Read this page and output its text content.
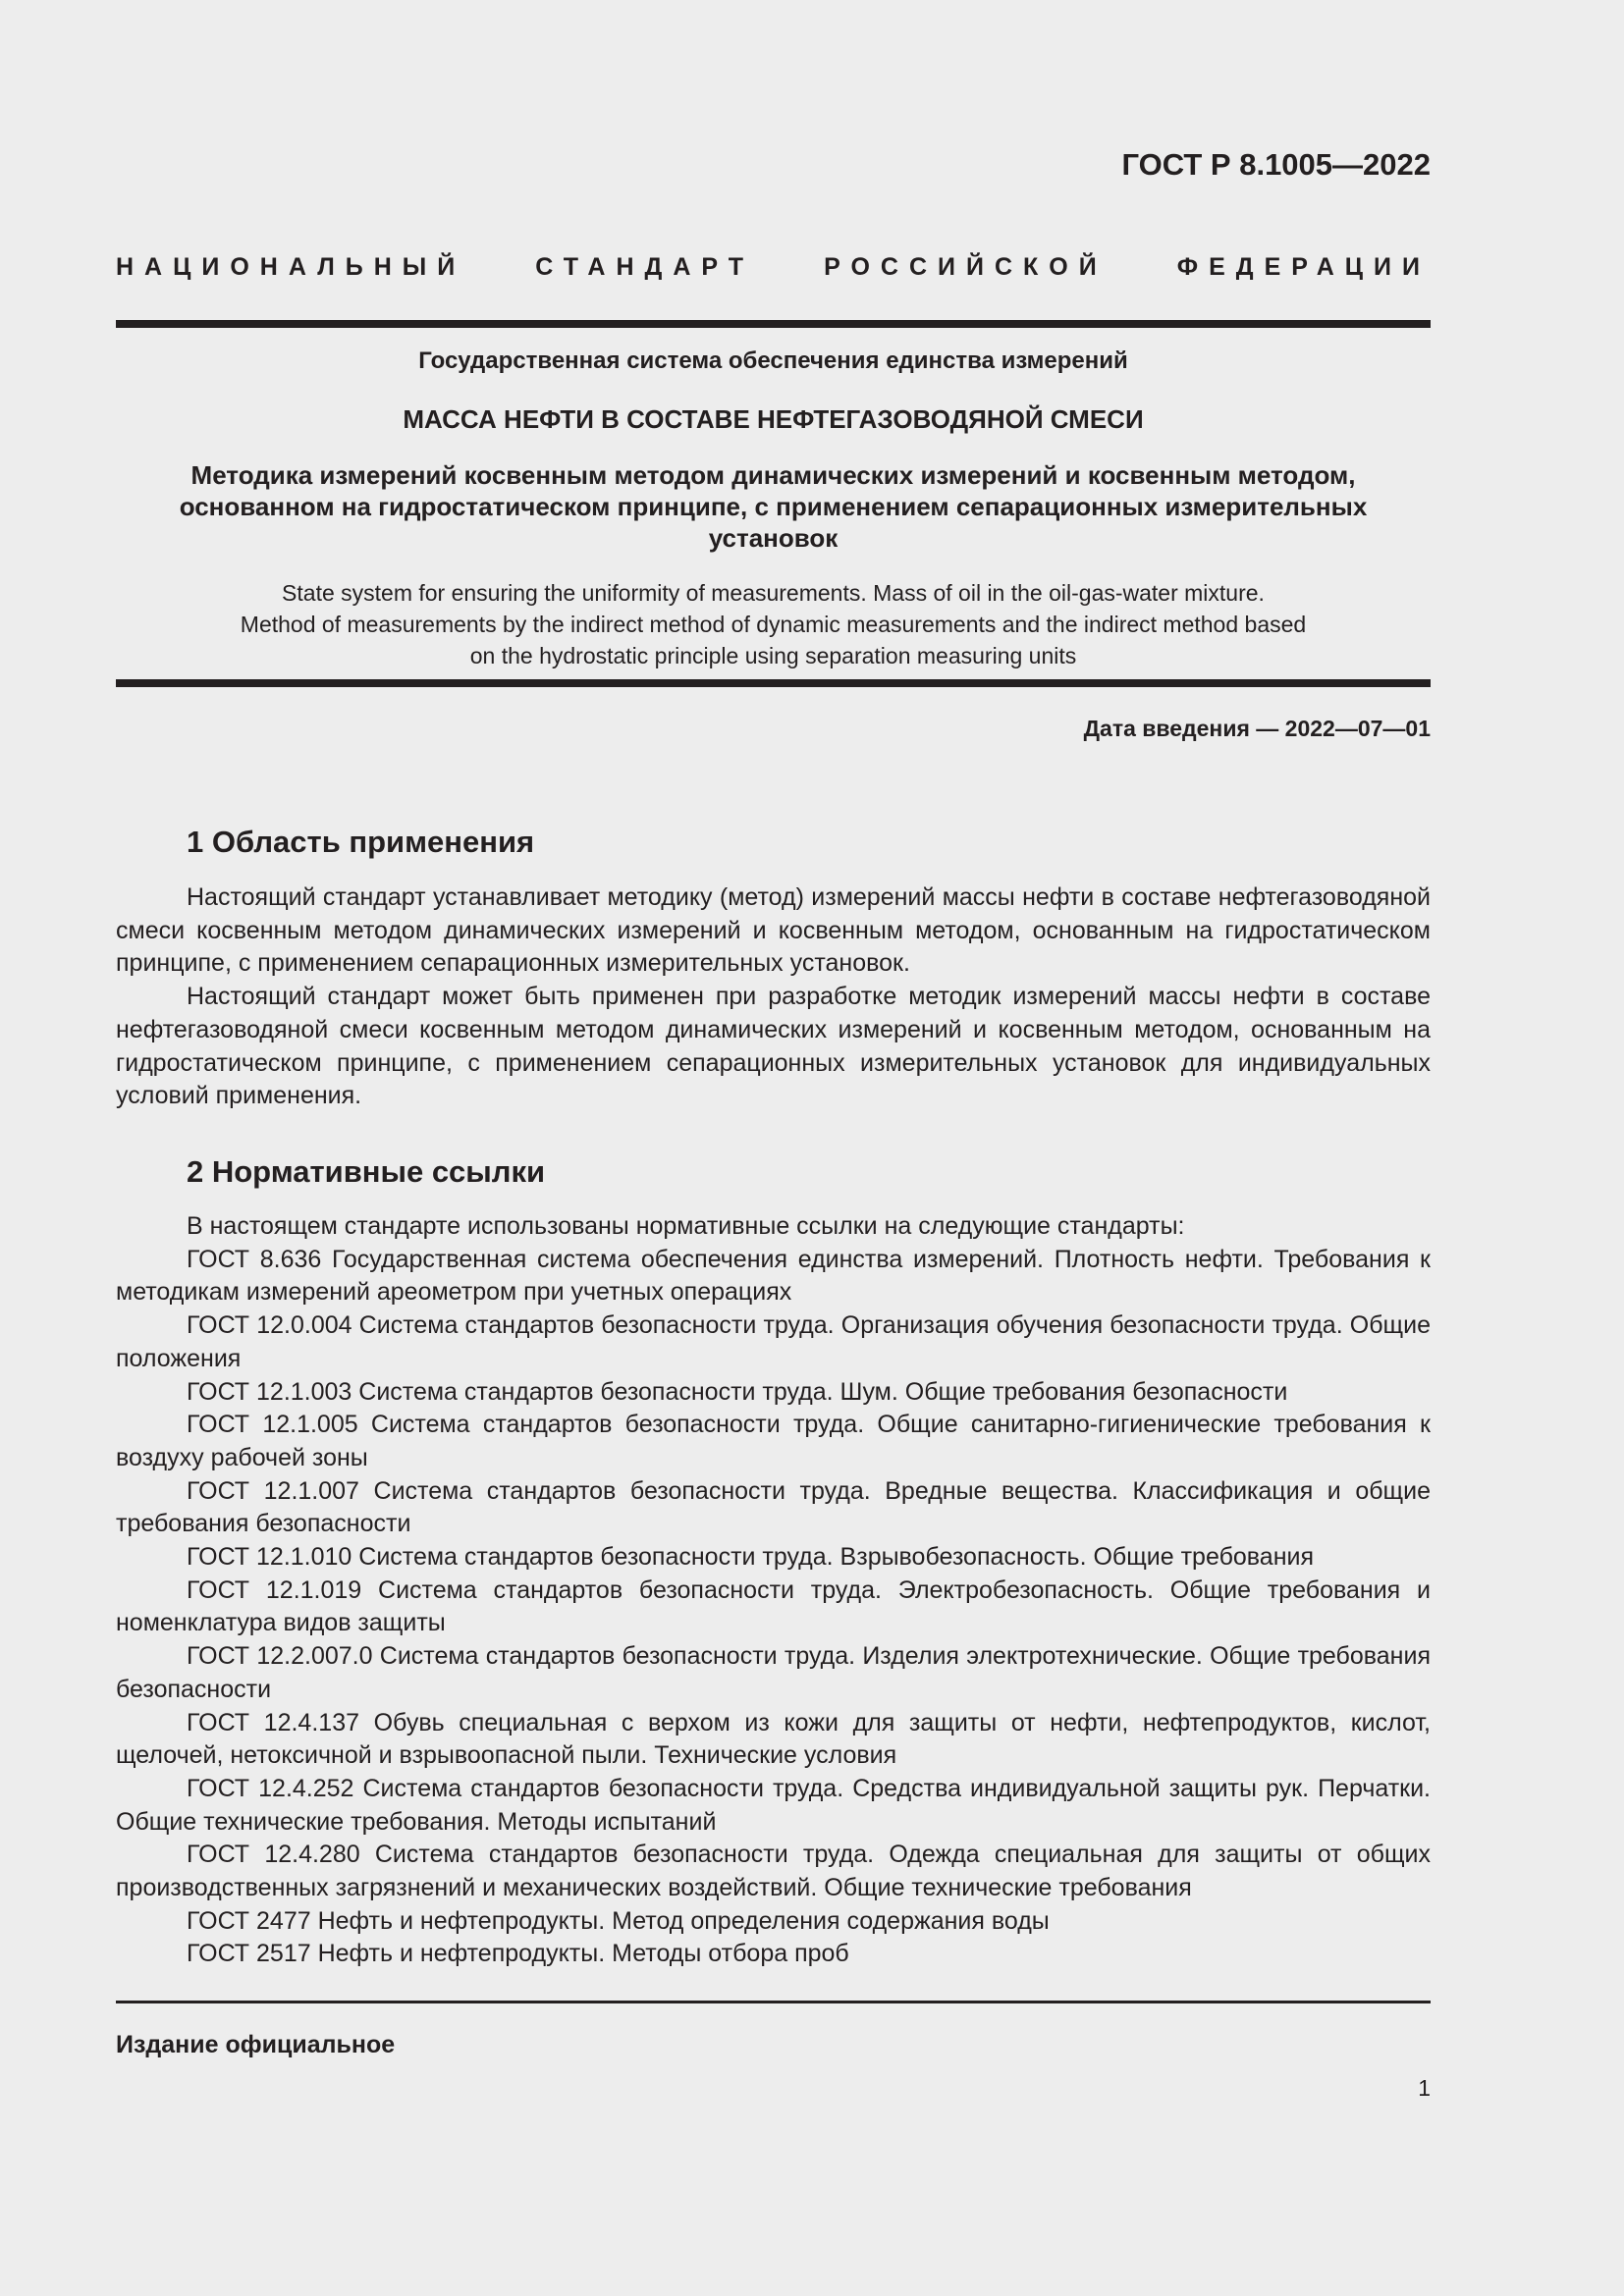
ГОСТ Р 8.1005—2022
НАЦИОНАЛЬНЫЙ СТАНДАРТ РОССИЙСКОЙ ФЕДЕРАЦИИ
Государственная система обеспечения единства измерений
МАССА НЕФТИ В СОСТАВЕ НЕФТЕГАЗОВОДЯНОЙ СМЕСИ
Методика измерений косвенным методом динамических измерений и косвенным методом, основанном на гидростатическом принципе, с применением сепарационных измерительных установок
State system for ensuring the uniformity of measurements. Mass of oil in the oil-gas-water mixture.
Method of measurements by the indirect method of dynamic measurements and the indirect method based
on the hydrostatic principle using separation measuring units
Дата введения — 2022—07—01
1 Область применения

Настоящий стандарт устанавливает методику (метод) измерений массы нефти в составе нефтегазоводяной смеси косвенным методом динамических измерений и косвенным методом, основанным на гидростатическом принципе, с применением сепарационных измерительных установок.

Настоящий стандарт может быть применен при разработке методик измерений массы нефти в составе нефтегазоводяной смеси косвенным методом динамических измерений и косвенным методом, основанным на гидростатическом принципе, с применением сепарационных измерительных установок для индивидуальных условий применения.

2 Нормативные ссылки

В настоящем стандарте использованы нормативные ссылки на следующие стандарты:

ГОСТ 8.636 Государственная система обеспечения единства измерений. Плотность нефти. Требования к методикам измерений ареометром при учетных операциях

ГОСТ 12.0.004 Система стандартов безопасности труда. Организация обучения безопасности труда. Общие положения

ГОСТ 12.1.003 Система стандартов безопасности труда. Шум. Общие требования безопасности

ГОСТ 12.1.005 Система стандартов безопасности труда. Общие санитарно-гигиенические требования к воздуху рабочей зоны

ГОСТ 12.1.007 Система стандартов безопасности труда. Вредные вещества. Классификация и общие требования безопасности

ГОСТ 12.1.010 Система стандартов безопасности труда. Взрывобезопасность. Общие требования

ГОСТ 12.1.019 Система стандартов безопасности труда. Электробезопасность. Общие требования и номенклатура видов защиты

ГОСТ 12.2.007.0 Система стандартов безопасности труда. Изделия электротехнические. Общие требования безопасности

ГОСТ 12.4.137 Обувь специальная с верхом из кожи для защиты от нефти, нефтепродуктов, кислот, щелочей, нетоксичной и взрывоопасной пыли. Технические условия

ГОСТ 12.4.252 Система стандартов безопасности труда. Средства индивидуальной защиты рук. Перчатки. Общие технические требования. Методы испытаний

ГОСТ 12.4.280 Система стандартов безопасности труда. Одежда специальная для защиты от общих производственных загрязнений и механических воздействий. Общие технические требования

ГОСТ 2477 Нефть и нефтепродукты. Метод определения содержания воды

ГОСТ 2517 Нефть и нефтепродукты. Методы отбора проб

Издание официальное
1
